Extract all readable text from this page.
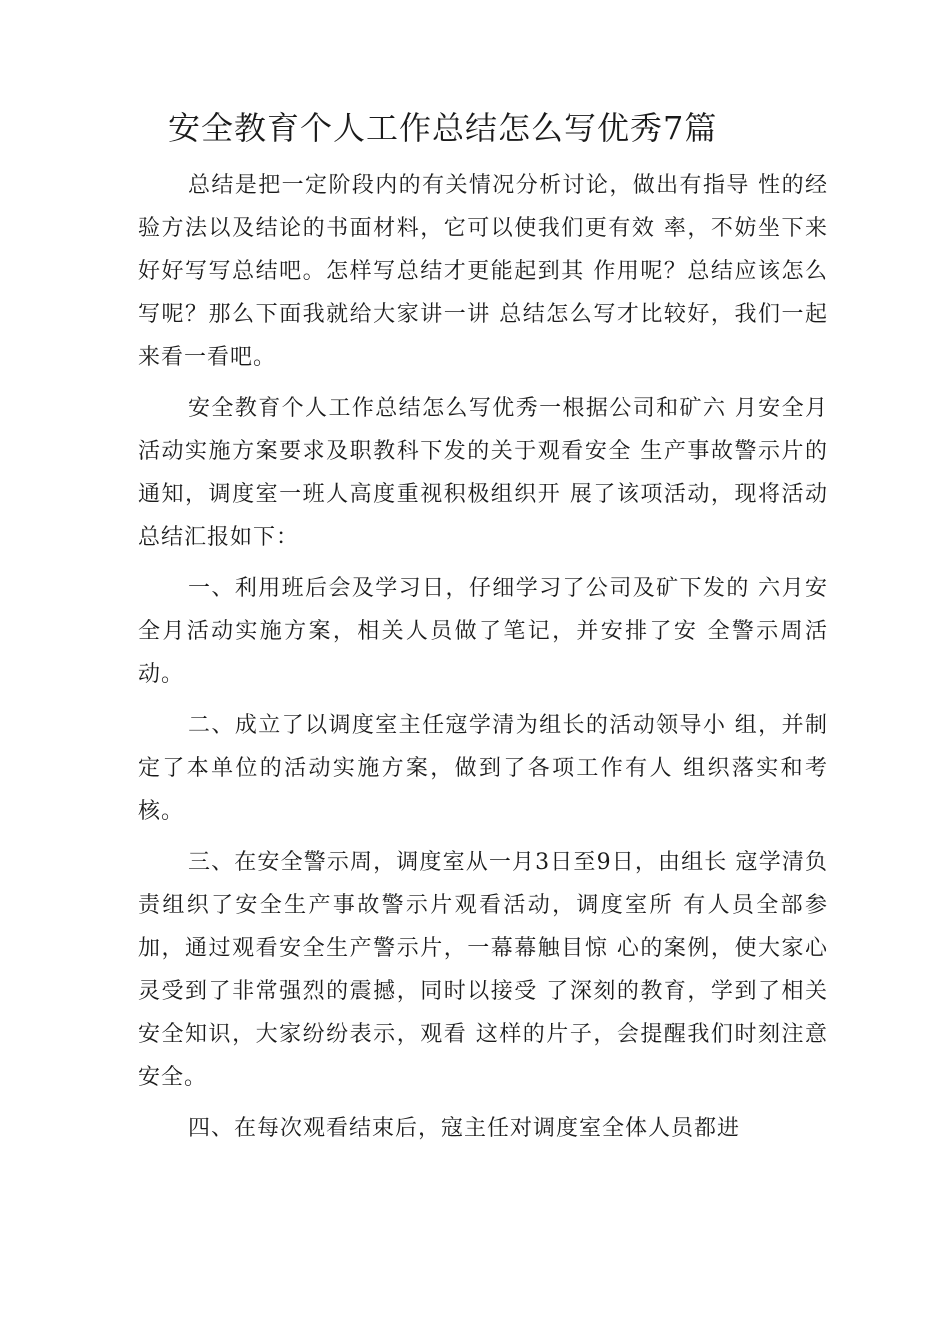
安全教育个人工作总结怎么写优秀7篇

总结是把一定阶段内的有关情况分析讨论，做出有指导 性的经验方法以及结论的书面材料，它可以使我们更有效 率，不妨坐下来好好写写总结吧。怎样写总结才更能起到其 作用呢？总结应该怎么写呢？那么下面我就给大家讲一讲 总结怎么写才比较好，我们一起来看一看吧。

安全教育个人工作总结怎么写优秀一根据公司和矿六 月安全月活动实施方案要求及职教科下发的关于观看安全 生产事故警示片的通知，调度室一班人高度重视积极组织开 展了该项活动，现将活动总结汇报如下：

一、利用班后会及学习日，仔细学习了公司及矿下发的 六月安全月活动实施方案，相关人员做了笔记，并安排了安 全警示周活动。

二、成立了以调度室主任寇学清为组长的活动领导小 组，并制定了本单位的活动实施方案，做到了各项工作有人 组织落实和考核。

三、在安全警示周，调度室从一月3日至9日，由组长 寇学清负责组织了安全生产事故警示片观看活动，调度室所 有人员全部参加，通过观看安全生产警示片，一幕幕触目惊 心的案例，使大家心灵受到了非常强烈的震撼，同时以接受 了深刻的教育，学到了相关安全知识，大家纷纷表示，观看 这样的片子，会提醒我们时刻注意安全。

四、在每次观看结束后，寇主任对调度室全体人员都进
